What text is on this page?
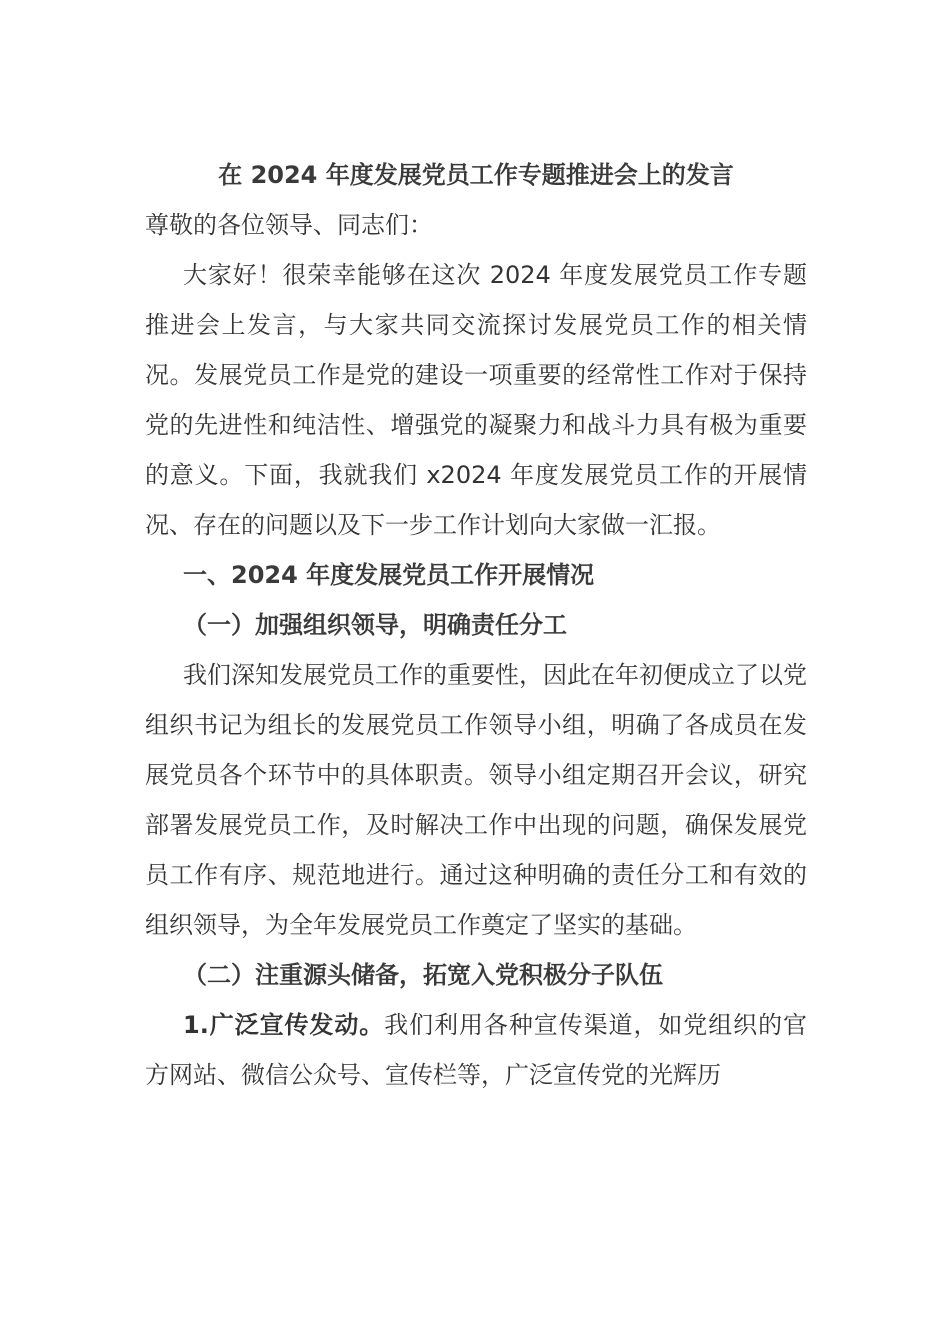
在 2024 年度发展党员工作专题推进会上的发言
尊敬的各位领导、同志们：
大家好！很荣幸能够在这次 2024 年度发展党员工作专题推进会上发言，与大家共同交流探讨发展党员工作的相关情况。发展党员工作是党的建设一项重要的经常性工作对于保持党的先进性和纯洁性、增强党的凝聚力和战斗力具有极为重要的意义。下面，我就我们 x2024 年度发展党员工作的开展情况、存在的问题以及下一步工作计划向大家做一汇报。
一、2024 年度发展党员工作开展情况
（一）加强组织领导，明确责任分工
我们深知发展党员工作的重要性，因此在年初便成立了以党组织书记为组长的发展党员工作领导小组，明确了各成员在发展党员各个环节中的具体职责。领导小组定期召开会议，研究部署发展党员工作，及时解决工作中出现的问题，确保发展党员工作有序、规范地进行。通过这种明确的责任分工和有效的组织领导，为全年发展党员工作奠定了坚实的基础。
（二）注重源头储备，拓宽入党积极分子队伍
1.广泛宣传发动。我们利用各种宣传渠道，如党组织的官方网站、微信公众号、宣传栏等，广泛宣传党的光辉历
